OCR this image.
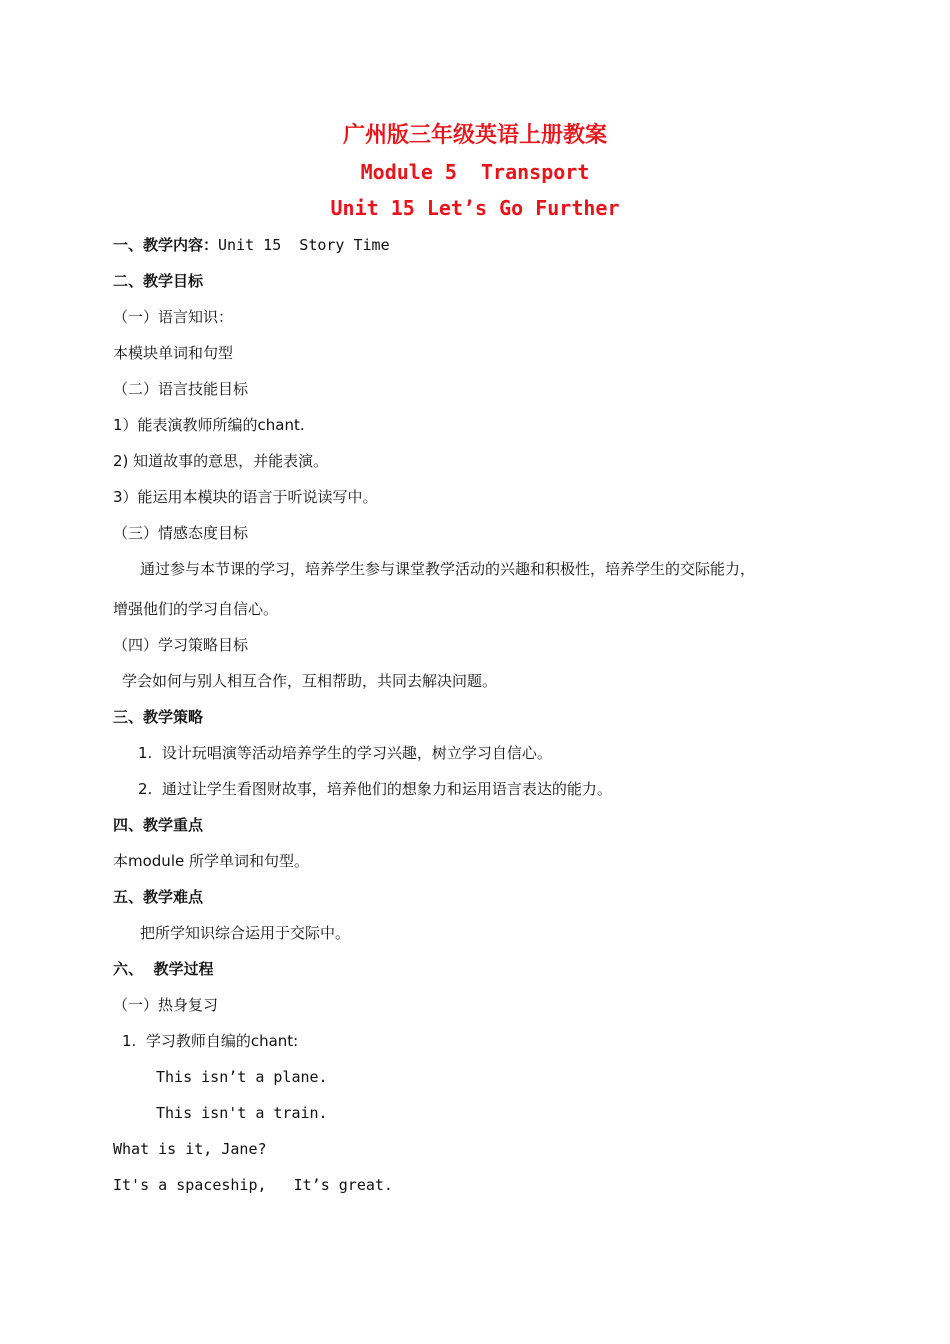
广州版三年级英语上册教案
Module 5  Transport
Unit 15 Let’s Go Further
一、教学内容：Unit 15  Story Time
二、教学目标
（一）语言知识：
本模块单词和句型
（二）语言技能目标
1）能表演教师所编的chant.
2) 知道故事的意思，并能表演。
3）能运用本模块的语言于听说读写中。
（三）情感态度目标
通过参与本节课的学习，培养学生参与课堂教学活动的兴趣和积极性，培养学生的交际能力，
增强他们的学习自信心。
（四）学习策略目标
学会如何与别人相互合作，互相帮助，共同去解决问题。
三、教学策略
1.  设计玩唱演等活动培养学生的学习兴趣，树立学习自信心。
2.  通过让学生看图财故事，培养他们的想象力和运用语言表达的能力。
四、教学重点
本module 所学单词和句型。
五、教学难点
把所学知识综合运用于交际中。
六、  教学过程
（一）热身复习
1.  学习教师自编的chant:
This isn’t a plane.
This isn't a train.
What is it, Jane?
It's a spaceship,   It’s great.
